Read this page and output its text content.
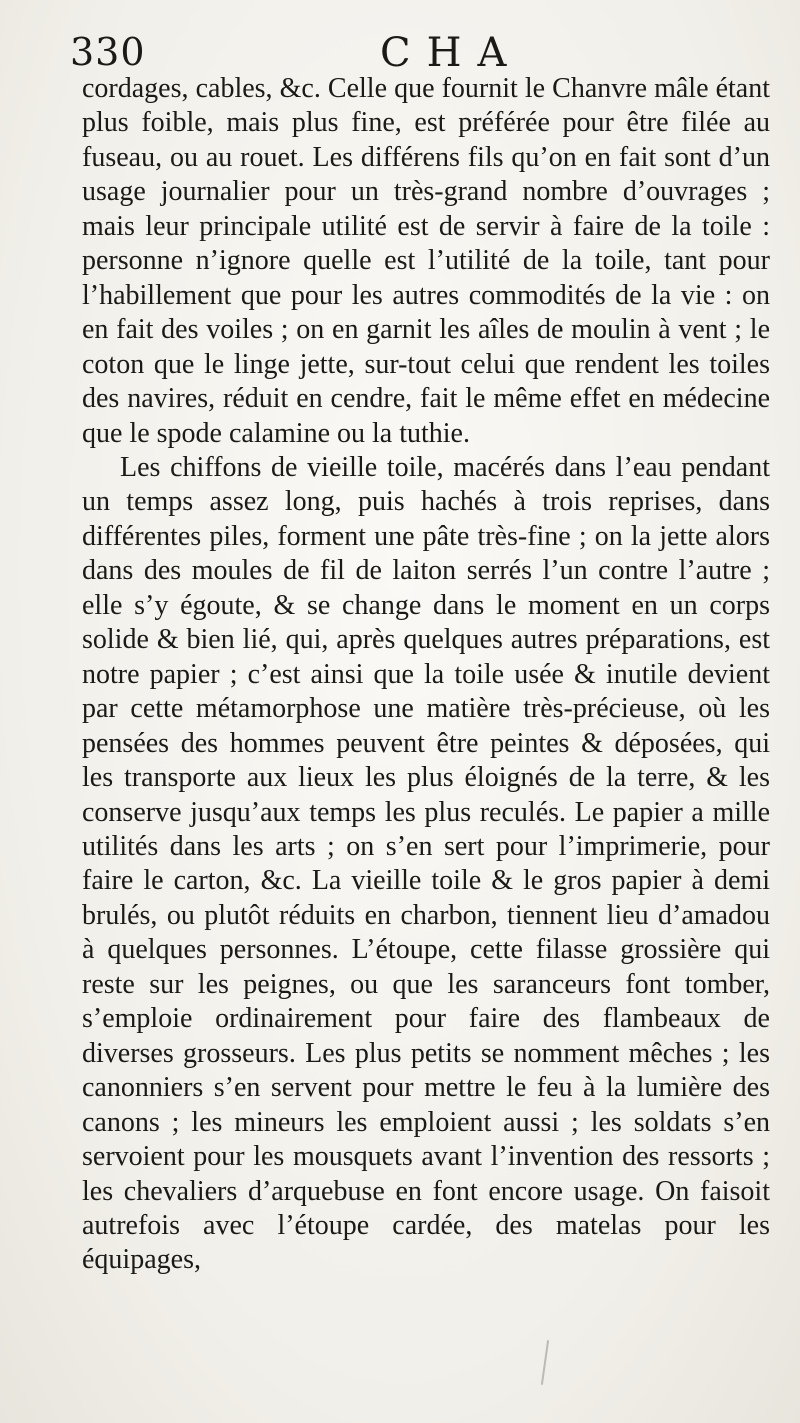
330	CHA

cordages, cables, &c. Celle que fournit le Chanvre mâle étant plus foible, mais plus fine, est préférée pour être filée au fuseau, ou au rouet. Les différens fils qu’on en fait sont d’un usage journalier pour un très-grand nombre d’ouvrages ; mais leur principale utilité est de servir à faire de la toile : personne n’ignore quelle est l’utilité de la toile, tant pour l’habillement que pour les autres commodités de la vie : on en fait des voiles ; on en garnit les aîles de moulin à vent ; le coton que le linge jette, sur-tout celui que rendent les toiles des navires, réduit en cendre, fait le même effet en médecine que le spode calamine ou la tuthie.

Les chiffons de vieille toile, macérés dans l’eau pendant un temps assez long, puis hachés à trois reprises, dans différentes piles, forment une pâte très-fine ; on la jette alors dans des moules de fil de laiton serrés l’un contre l’autre ; elle s’y égoute, & se change dans le moment en un corps solide & bien lié, qui, après quelques autres préparations, est notre papier ; c’est ainsi que la toile usée & inutile devient par cette métamorphose une matière très-précieuse, où les pensées des hommes peuvent être peintes & déposées, qui les transporte aux lieux les plus éloignés de la terre, & les conserve jusqu’aux temps les plus reculés. Le papier a mille utilités dans les arts ; on s’en sert pour l’imprimerie, pour faire le carton, &c. La vieille toile & le gros papier à demi brulés, ou plutôt réduits en charbon, tiennent lieu d’amadou à quelques personnes. L’étoupe, cette filasse grossière qui reste sur les peignes, ou que les saranceurs font tomber, s’emploie ordinairement pour faire des flambeaux de diverses grosseurs. Les plus petits se nomment mêches ; les canonniers s’en servent pour mettre le feu à la lumière des canons ; les mineurs les emploient aussi ; les soldats s’en servoient pour les mousquets avant l’invention des ressorts ; les chevaliers d’arquebuse en font encore usage. On faisoit autrefois avec l’étoupe cardée, des matelas pour les équipages,
